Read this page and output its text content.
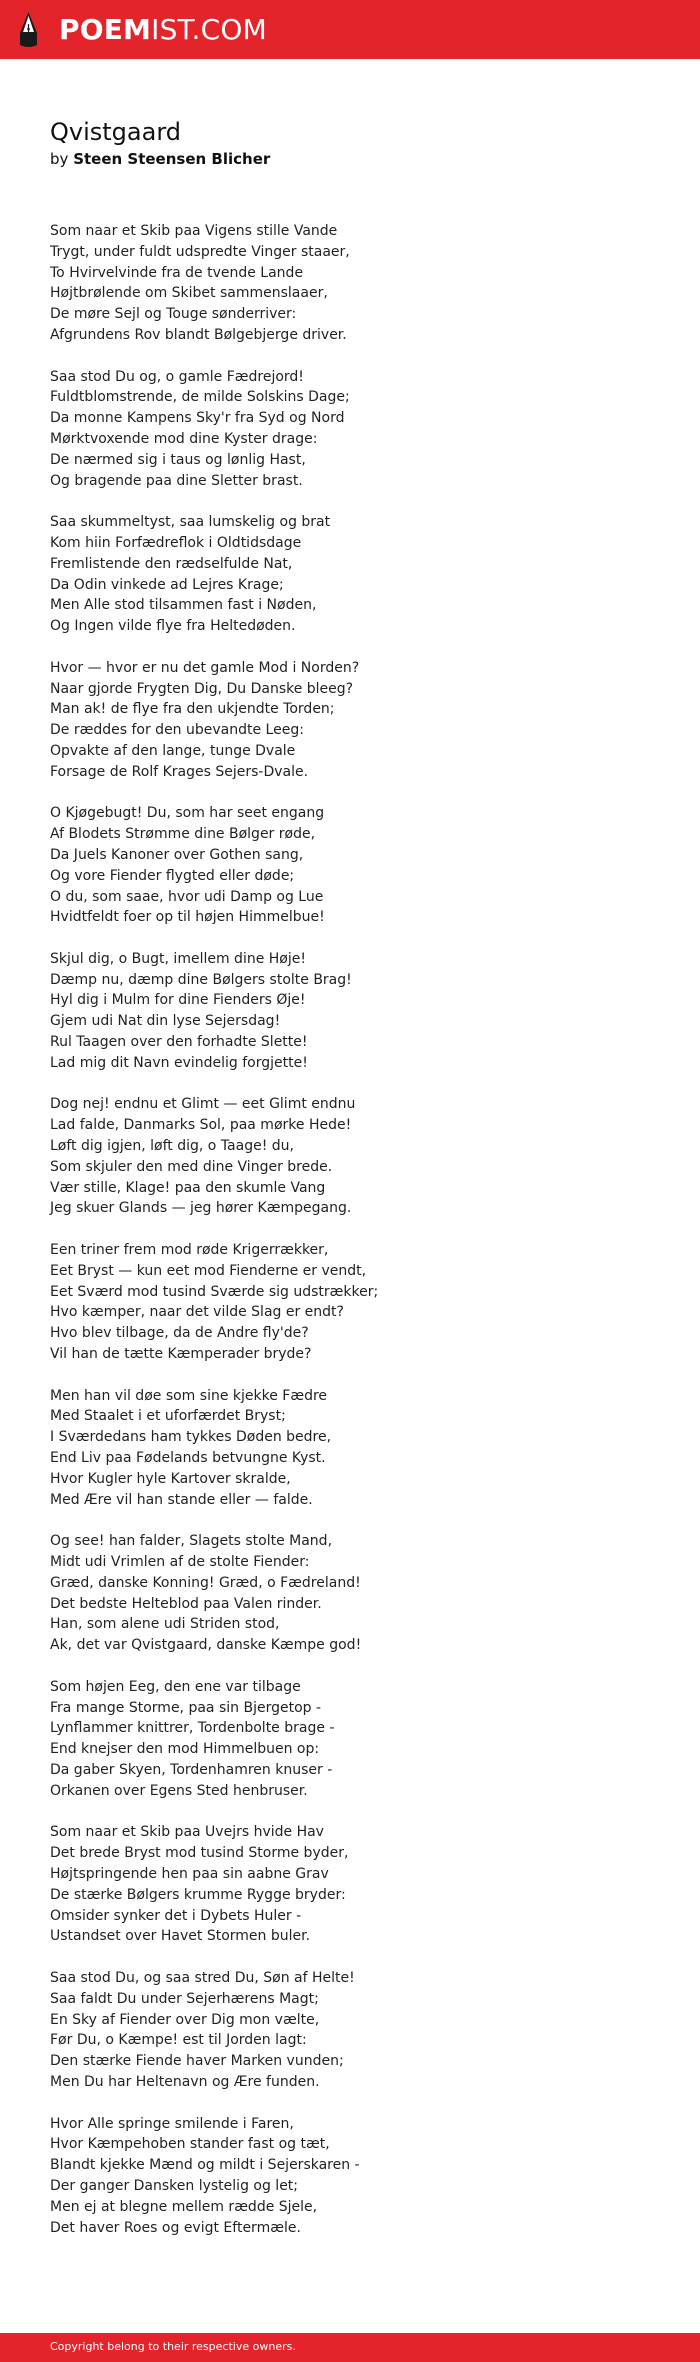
POEMIST.COM
Qvistgaard
by Steen Steensen Blicher
Som naar et Skib paa Vigens stille Vande
Trygt, under fuldt udspredte Vinger staaer,
To Hvirvelvinde fra de tvende Lande
Højtbrølende om Skibet sammenslaaer,
De møre Sejl og Touge sønderriver:
Afgrundens Rov blandt Bølgebjerge driver.
Saa stod Du og, o gamle Fædrejord!
Fuldtblomstrende, de milde Solskins Dage;
Da monne Kampens Sky'r fra Syd og Nord
Mørktvoxende mod dine Kyster drage:
De nærmed sig i taus og lønlig Hast,
Og bragende paa dine Sletter brast.
Saa skummeltyst, saa lumskelig og brat
Kom hiin Forfædreflok i Oldtidsdage
Fremlistende den rædselfulde Nat,
Da Odin vinkede ad Lejres Krage;
Men Alle stod tilsammen fast i Nøden,
Og Ingen vilde flye fra Heltedøden.
Hvor — hvor er nu det gamle Mod i Norden?
Naar gjorde Frygten Dig, Du Danske bleeg?
Man ak! de flye fra den ukjendte Torden;
De ræddes for den ubevandte Leeg:
Opvakte af den lange, tunge Dvale
Forsage de Rolf Krages Sejers-Dvale.
O Kjøgebugt! Du, som har seet engang
Af Blodets Strømme dine Bølger røde,
Da Juels Kanoner over Gothen sang,
Og vore Fiender flygted eller døde;
O du, som saae, hvor udi Damp og Lue
Hvidtfeldt foer op til højen Himmelbue!
Skjul dig, o Bugt, imellem dine Høje!
Dæmp nu, dæmp dine Bølgers stolte Brag!
Hyl dig i Mulm for dine Fienders Øje!
Gjem udi Nat din lyse Sejersdag!
Rul Taagen over den forhadte Slette!
Lad mig dit Navn evindelig forgjette!
Dog nej! endnu et Glimt — eet Glimt endnu
Lad falde, Danmarks Sol, paa mørke Hede!
Løft dig igjen, løft dig, o Taage! du,
Som skjuler den med dine Vinger brede.
Vær stille, Klage! paa den skumle Vang
Jeg skuer Glands — jeg hører Kæmpegang.
Een triner frem mod røde Krigerrækker,
Eet Bryst — kun eet mod Fienderne er vendt,
Eet Sværd mod tusind Sværde sig udstrækker;
Hvo kæmper, naar det vilde Slag er endt?
Hvo blev tilbage, da de Andre fly'de?
Vil han de tætte Kæmperader bryde?
Men han vil døe som sine kjekke Fædre
Med Staalet i et uforfærdet Bryst;
I Sværdedans ham tykkes Døden bedre,
End Liv paa Fødelands betvungne Kyst.
Hvor Kugler hyle Kartover skralde,
Med Ære vil han stande eller — falde.
Og see! han falder, Slagets stolte Mand,
Midt udi Vrimlen af de stolte Fiender:
Græd, danske Konning! Græd, o Fædreland!
Det bedste Helteblod paa Valen rinder.
Han, som alene udi Striden stod,
Ak, det var Qvistgaard, danske Kæmpe god!
Som højen Eeg, den ene var tilbage
Fra mange Storme, paa sin Bjergetop -
Lynflammer knittrer, Tordenbolte brage -
End knejser den mod Himmelbuen op:
Da gaber Skyen, Tordenhamren knuser -
Orkanen over Egens Sted henbruser.
Som naar et Skib paa Uvejrs hvide Hav
Det brede Bryst mod tusind Storme byder,
Højtspringende hen paa sin aabne Grav
De stærke Bølgers krumme Rygge bryder:
Omsider synker det i Dybets Huler -
Ustandset over Havet Stormen buler.
Saa stod Du, og saa stred Du, Søn af Helte!
Saa faldt Du under Sejerhærens Magt;
En Sky af Fiender over Dig mon vælte,
Før Du, o Kæmpe! est til Jorden lagt:
Den stærke Fiende haver Marken vunden;
Men Du har Heltenavn og Ære funden.
Hvor Alle springe smilende i Faren,
Hvor Kæmpehoben stander fast og tæt,
Blandt kjekke Mænd og mildt i Sejerskaren -
Der ganger Dansken lystelig og let;
Men ej at blegne mellem rædde Sjele,
Det haver Roes og evigt Eftermæle.
Copyright belong to their respective owners.
